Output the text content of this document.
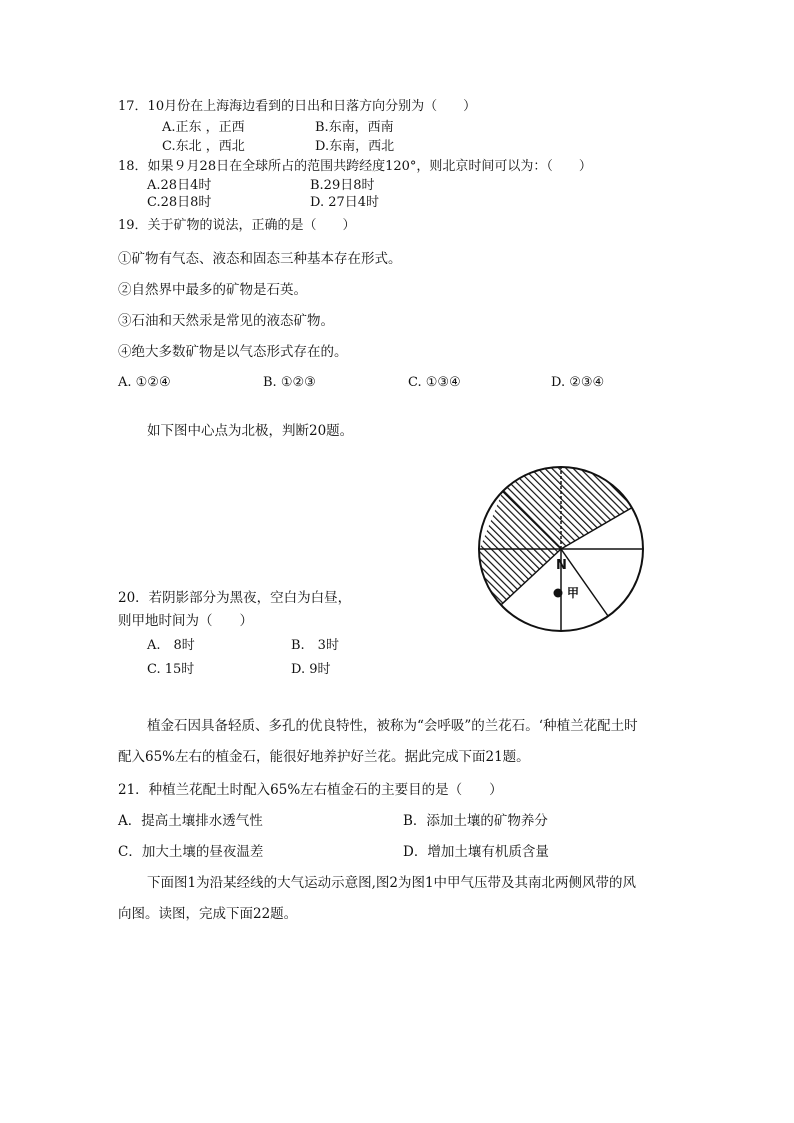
17．10月份在上海海边看到的日出和日落方向分别为（　　）
A.正东 ，正西	B.东南，西南
C.东北 ，西北	D.东南，西北
18．如果９月28日在全球所占的范围共跨经度120°，则北京时间可以为：（　　）
A.28日4时	B.29日8时
C.28日8时	D. 27日4时
19．关于矿物的说法，正确的是（　　）
①矿物有气态、液态和固态三种基本存在形式。
②自然界中最多的矿物是石英。
③石油和天然汞是常见的液态矿物。
④绝大多数矿物是以气态形式存在的。
A. ①②④	B. ①②③	C. ①③④	D. ②③④
如下图中心点为北极，判断20题。
N
甲
20．若阴影部分为黑夜，空白为白昼，
则甲地时间为（　　）
A.　8时	B.　3时
C. 15时	D. 9时
植金石因具备轻质、多孔的优良特性，被称为“会呼吸”的兰花石。‘种植兰花配土时
配入65%左右的植金石，能很好地养护好兰花。据此完成下面21题。
21．种植兰花配土时配入65%左右植金石的主要目的是（　　）
A．提高土壤排水透气性	B．添加土壤的矿物养分
C．加大土壤的昼夜温差	D．增加土壤有机质含量
下面图1为沿某经线的大气运动示意图,图2为图1中甲气压带及其南北两侧风带的风
向图。读图，完成下面22题。
